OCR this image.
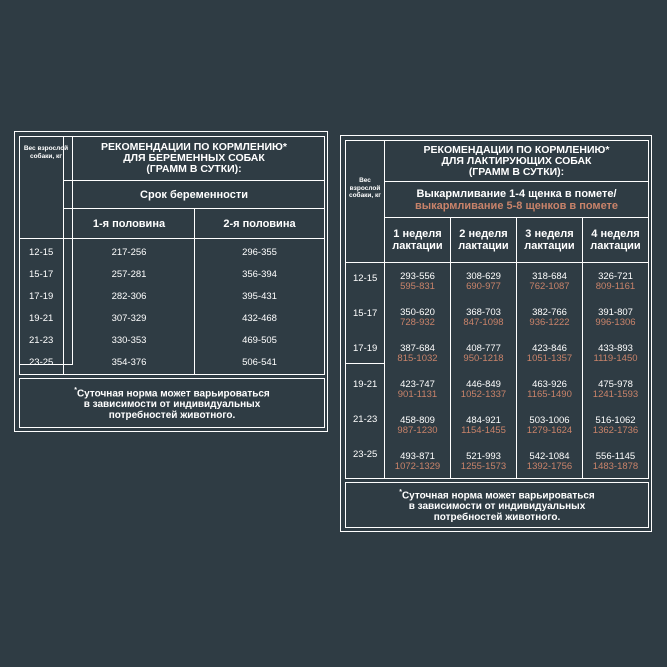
Вес взрослой собаки, кг
РЕКОМЕНДАЦИИ ПО КОРМЛЕНИЮ*
ДЛЯ БЕРЕМЕННЫХ СОБАК
(ГРАММ В СУТКИ):
Срок беременности
1-я половина	2-я половина
12-15
15-17
17-19
19-21
21-23
23-25
217-256
257-281
282-306
307-329
330-353
354-376
296-355
356-394
395-431
432-468
469-505
506-541
*Суточная норма может варьироваться
в зависимости от индивидуальных
потребностей животного.
Вес взрослой собаки, кг
РЕКОМЕНДАЦИИ ПО КОРМЛЕНИЮ*
ДЛЯ ЛАКТИРУЮЩИХ СОБАК
(ГРАММ В СУТКИ):
Выкармливание 1-4 щенка в помете/
выкармливание 5-8 щенков в помете
1 неделя
лактации
2 неделя
лактации
3 неделя
лактации
4 неделя
лактации
12-15
15-17
17-19
19-21
21-23
23-25
293-556
595-831
350-620
728-932
387-684
815-1032
423-747
901-1131
458-809
987-1230
493-871
1072-1329
308-629
690-977
368-703
847-1098
408-777
950-1218
446-849
1052-1337
484-921
1154-1455
521-993
1255-1573
318-684
762-1087
382-766
936-1222
423-846
1051-1357
463-926
1165-1490
503-1006
1279-1624
542-1084
1392-1756
326-721
809-1161
391-807
996-1306
433-893
1119-1450
475-978
1241-1593
516-1062
1362-1736
556-1145
1483-1878
*Суточная норма может варьироваться
в зависимости от индивидуальных
потребностей животного.
